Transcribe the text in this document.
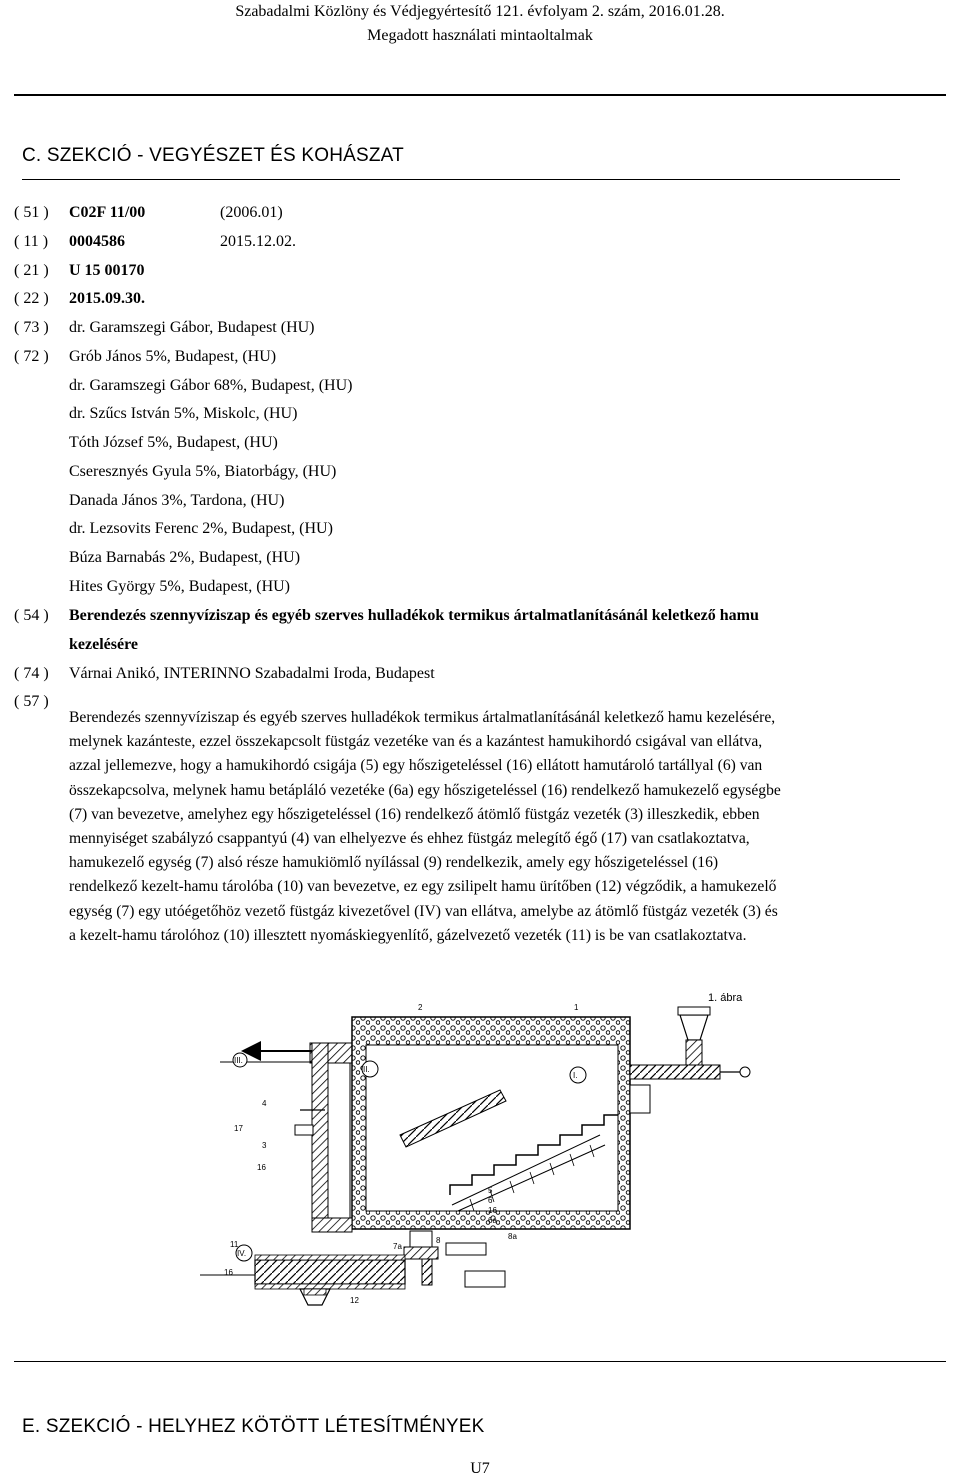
Szabadalmi Közlöny és Védjegyértesítő 121. évfolyam 2. szám, 2016.01.28.
Megadott használati mintaoltalmak
C. SZEKCIÓ - VEGYÉSZET ÉS KOHÁSZAT
( 51 ) C02F 11/00	(2006.01)
( 11 ) 0004586	2015.12.02.
( 21 ) U 15 00170
( 22 ) 2015.09.30.
( 73 ) dr. Garamszegi Gábor, Budapest (HU)
( 72 ) Grób János 5%, Budapest, (HU)
dr. Garamszegi Gábor 68%, Budapest, (HU)
dr. Szűcs István 5%, Miskolc, (HU)
Tóth József 5%, Budapest, (HU)
Cseresznyés Gyula 5%, Biatorbágy, (HU)
Danada János 3%, Tardona, (HU)
dr. Lezsovits Ferenc 2%, Budapest, (HU)
Búza Barnabás 2%, Budapest, (HU)
Hites György 5%, Budapest, (HU)
( 54 ) Berendezés szennyvíziszap és egyéb szerves hulladékok termikus ártalmatlanításánál keletkező hamu
kezelésére
( 74 ) Várnai Anikó, INTERINNO Szabadalmi Iroda, Budapest
( 57 )
Berendezés szennyvíziszap és egyéb szerves hulladékok termikus ártalmatlanításánál keletkező hamu kezelésére,
melynek kazánteste, ezzel összekapcsolt füstgáz vezetéke van és a kazántest hamukihordó csigával van ellátva,
azzal jellemezve, hogy a hamukihordó csigája (5) egy hőszigeteléssel (16) ellátott hamutároló tartállyal (6) van
összekapcsolva, melynek hamu betápláló vezetéke (6a) egy hőszigeteléssel (16) rendelkező hamukezelő egységbe
(7) van bevezetve, amelyhez egy hőszigeteléssel (16) rendelkező átömlő füstgáz vezeték (3) illeszkedik, ebben
mennyiséget szabályzó csappantyú (4) van elhelyezve és ehhez füstgáz melegítő égő (17) van csatlakoztatva,
hamukezelő egység (7) alsó része hamukiömlő nyílással (9) rendelkezik, amely egy hőszigeteléssel (16)
rendelkező kezelt-hamu tárolóba (10) van bevezetve, ez egy zsilipelt hamu ürítőben (12) végződik, a hamukezelő
egység (7) egy utóégetőhöz vezető füstgáz kivezetővel (IV) van ellátva, amelybe az átömlő füstgáz vezeték (3) és
a kezelt-hamu tárolóhoz (10) illesztett nyomáskiegyenlítő, gázelvezető vezeték (11) is be van csatlakoztatva.
1. ábra
III.
I.
II.
IV.
2	1
4
17
3
16
5
6
16
6a
8	8a
11	7a
16
12
E. SZEKCIÓ - HELYHEZ KÖTÖTT LÉTESÍTMÉNYEK
U7
